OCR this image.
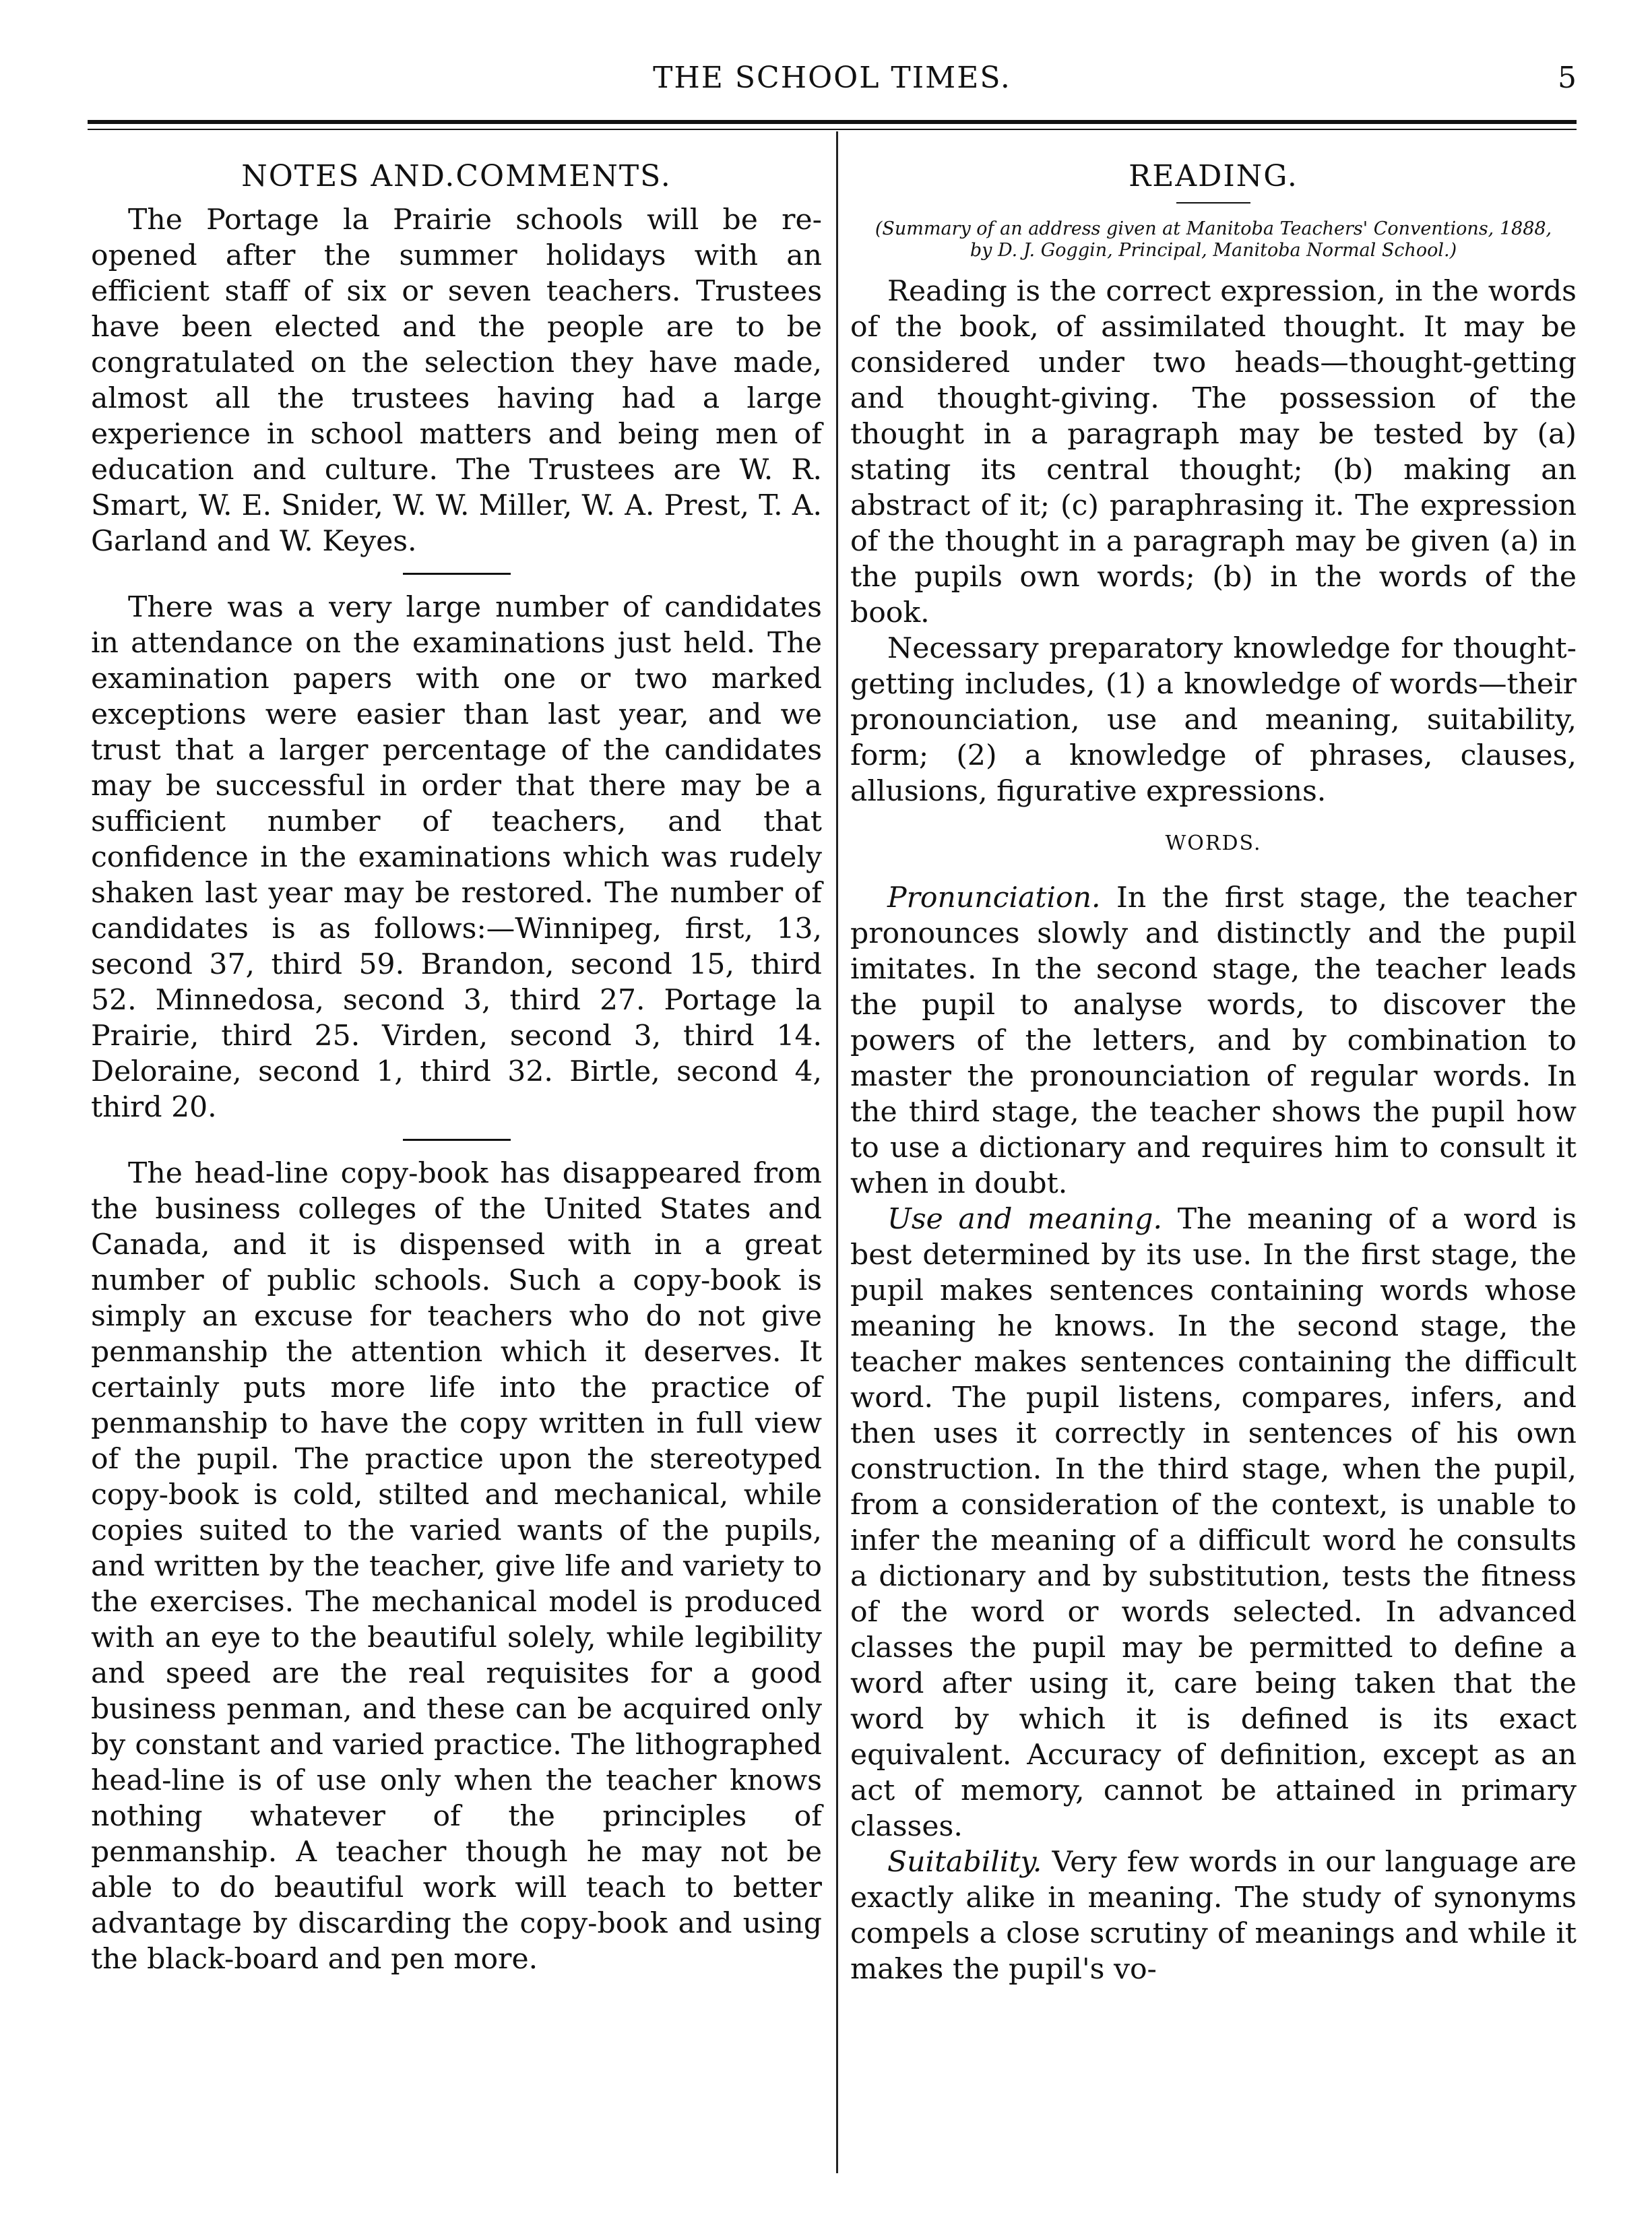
THE SCHOOL TIMES.	5
NOTES AND.COMMENTS.

The Portage la Prairie schools will be re-opened after the summer holidays with an efficient staff of six or seven teachers. Trustees have been elected and the people are to be congratulated on the selection they have made, almost all the trustees having had a large experience in school matters and being men of education and culture. The Trustees are W. R. Smart, W. E. Snider, W. W. Miller, W. A. Prest, T. A. Garland and W. Keyes.

There was a very large number of candidates in attendance on the examinations just held. The examination papers with one or two marked exceptions were easier than last year, and we trust that a larger percentage of the candidates may be successful in order that there may be a sufficient number of teachers, and that confidence in the examinations which was rudely shaken last year may be restored. The number of candidates is as follows:—Winnipeg, first, 13, second 37, third 59. Brandon, second 15, third 52. Minnedosa, second 3, third 27. Portage la Prairie, third 25. Virden, second 3, third 14. Deloraine, second 1, third 32. Birtle, second 4, third 20.

The head-line copy-book has disappeared from the business colleges of the United States and Canada, and it is dispensed with in a great number of public schools. Such a copy-book is simply an excuse for teachers who do not give penmanship the attention which it deserves. It certainly puts more life into the practice of penmanship to have the copy written in full view of the pupil. The practice upon the stereotyped copy-book is cold, stilted and mechanical, while copies suited to the varied wants of the pupils, and written by the teacher, give life and variety to the exercises. The mechanical model is produced with an eye to the beautiful solely, while legibility and speed are the real requisites for a good business penman, and these can be acquired only by constant and varied practice. The lithographed head-line is of use only when the teacher knows nothing whatever of the principles of penmanship. A teacher though he may not be able to do beautiful work will teach to better advantage by discarding the copy-book and using the black-board and pen more.

READING.

(Summary of an address given at Manitoba Teachers' Conventions, 1888, by D. J. Goggin, Principal, Manitoba Normal School.)

Reading is the correct expression, in the words of the book, of assimilated thought. It may be considered under two heads—thought-getting and thought-giving. The possession of the thought in a paragraph may be tested by (a) stating its central thought; (b) making an abstract of it; (c) paraphrasing it. The expression of the thought in a paragraph may be given (a) in the pupils own words; (b) in the words of the book.

Necessary preparatory knowledge for thought-getting includes, (1) a knowledge of words—their pronounciation, use and meaning, suitability, form; (2) a knowledge of phrases, clauses, allusions, figurative expressions.

WORDS.

Pronunciation. In the first stage, the teacher pronounces slowly and distinctly and the pupil imitates. In the second stage, the teacher leads the pupil to analyse words, to discover the powers of the letters, and by combination to master the pronounciation of regular words. In the third stage, the teacher shows the pupil how to use a dictionary and requires him to consult it when in doubt.

Use and meaning. The meaning of a word is best determined by its use. In the first stage, the pupil makes sentences containing words whose meaning he knows. In the second stage, the teacher makes sentences containing the difficult word. The pupil listens, compares, infers, and then uses it correctly in sentences of his own construction. In the third stage, when the pupil, from a consideration of the context, is unable to infer the meaning of a difficult word he consults a dictionary and by substitution, tests the fitness of the word or words selected. In advanced classes the pupil may be permitted to define a word after using it, care being taken that the word by which it is defined is its exact equivalent. Accuracy of definition, except as an act of memory, cannot be attained in primary classes.

Suitability. Very few words in our language are exactly alike in meaning. The study of synonyms compels a close scrutiny of meanings and while it makes the pupil's vo-
